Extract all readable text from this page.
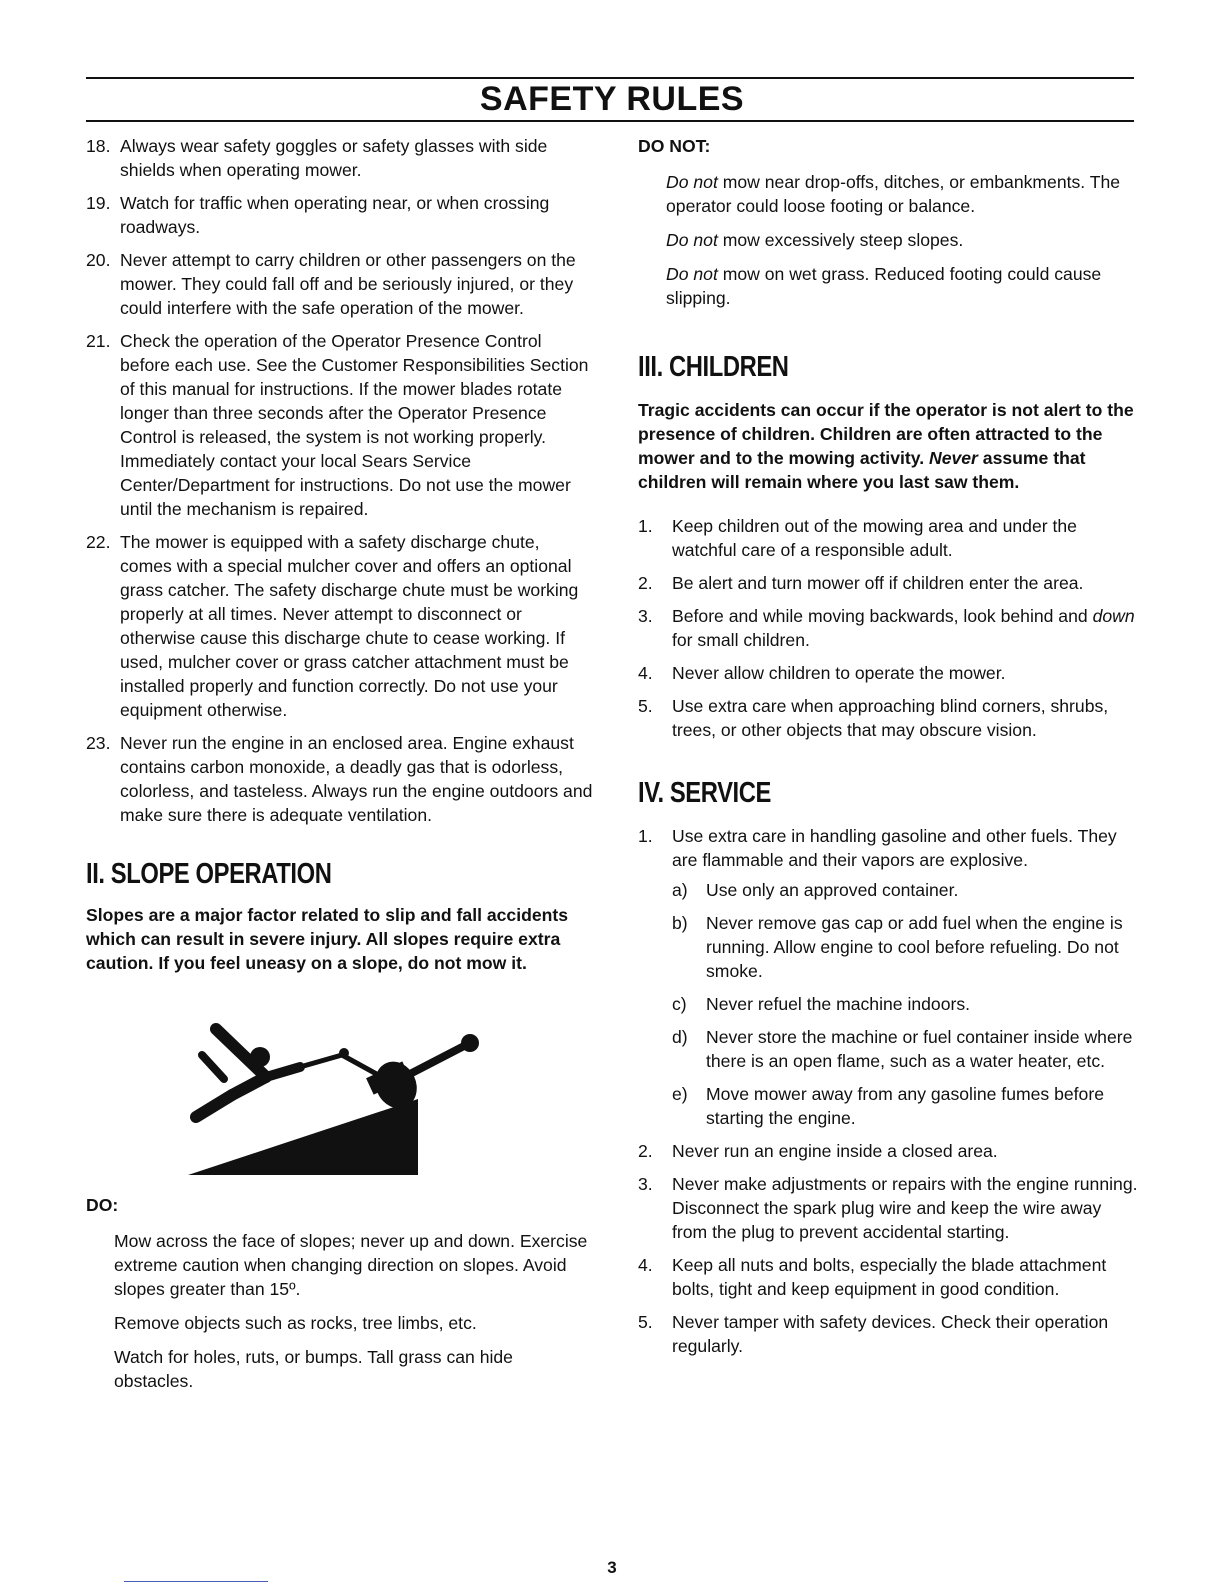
SAFETY RULES
18. Always wear safety goggles or safety glasses with side shields when operating mower.
19. Watch for traffic when operating near, or when crossing roadways.
20. Never attempt to carry children or other passengers on the mower. They could fall off and be seriously injured, or they could interfere with the safe operation of the mower.
21. Check the operation of the Operator Presence Control before each use. See the Customer Responsibilities Section of this manual for instructions. If the mower blades rotate longer than three seconds after the Operator Presence Control is released, the system is not working properly. Immediately contact your local Sears Service Center/Department for instructions. Do not use the mower until the mechanism is repaired.
22. The mower is equipped with a safety discharge chute, comes with a special mulcher cover and offers an optional grass catcher. The safety discharge chute must be working properly at all times. Never attempt to disconnect or otherwise cause this discharge chute to cease working. If used, mulcher cover or grass catcher attachment must be installed properly and function correctly. Do not use your equipment otherwise.
23. Never run the engine in an enclosed area. Engine exhaust contains carbon monoxide, a deadly gas that is odorless, colorless, and tasteless. Always run the engine outdoors and make sure there is adequate ventilation.
II. SLOPE OPERATION

Slopes are a major factor related to slip and fall accidents which can result in severe injury. All slopes require extra caution. If you feel uneasy on a slope, do not mow it.

DO:

Mow across the face of slopes; never up and down. Exercise extreme caution when changing direction on slopes. Avoid slopes greater than 15º.

Remove objects such as rocks, tree limbs, etc.

Watch for holes, ruts, or bumps. Tall grass can hide obstacles.

DO NOT:

Do not mow near drop-offs, ditches, or embankments. The operator could loose footing or balance.

Do not mow excessively steep slopes.

Do not mow on wet grass. Reduced footing could cause slipping.

III. CHILDREN

Tragic accidents can occur if the operator is not alert to the presence of children. Children are often attracted to the mower and to the mowing activity. Never assume that children will remain where you last saw them.

1. Keep children out of the mowing area and under the watchful care of a responsible adult.
2. Be alert and turn mower off if children enter the area.
3. Before and while moving backwards, look behind and down for small children.
4. Never allow children to operate the mower.
5. Use extra care when approaching blind corners, shrubs, trees, or other objects that may obscure vision.
IV. SERVICE
1. Use extra care in handling gasoline and other fuels. They are flammable and their vapors are explosive.
a) Use only an approved container.
b) Never remove gas cap or add fuel when the engine is running. Allow engine to cool before refueling. Do not smoke.
c) Never refuel the machine indoors.
d) Never store the machine or fuel container inside where there is an open flame, such as a water heater, etc.
e) Move mower away from any gasoline fumes before starting the engine.
2. Never run an engine inside a closed area.
3. Never make adjustments or repairs with the engine running. Disconnect the spark plug wire and keep the wire away from the plug to prevent accidental starting.
4. Keep all nuts and bolts, especially the blade attachment bolts, tight and keep equipment in good condition.
5. Never tamper with safety devices. Check their operation regularly.
3
